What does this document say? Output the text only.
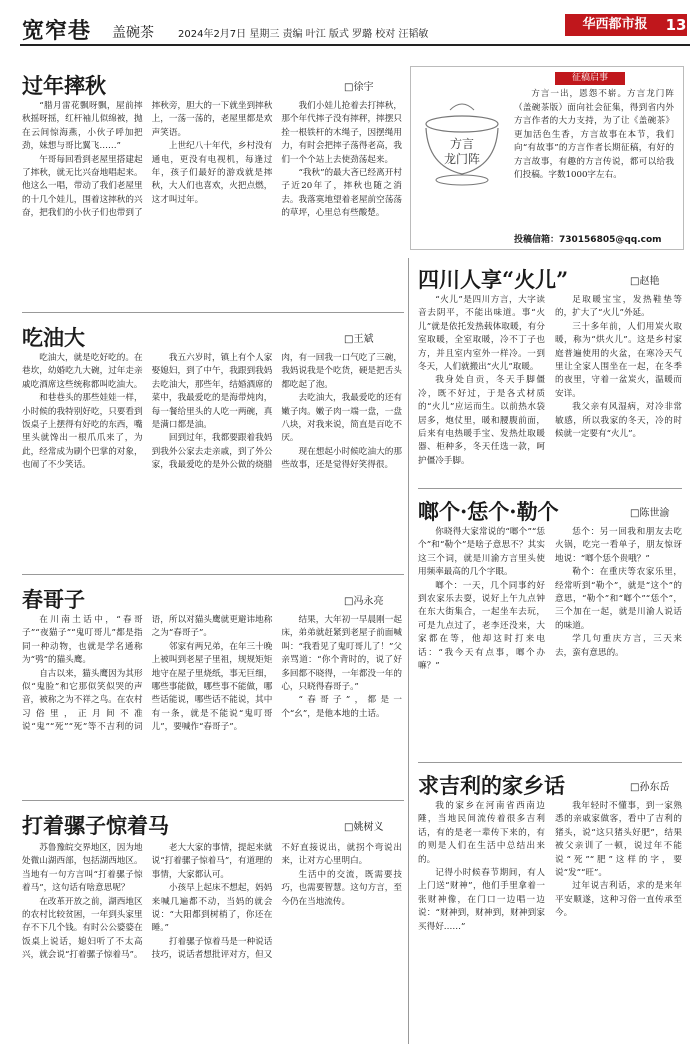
宽窄巷 盖碗茶 2024年2月7日 星期三 责编 叶江 版式 罗璐 校对 汪韬敏
华西都市报	13
征稿启事
方言
龙门阵

方言一出，恩怨不崭。方言龙门阵（盖碗茶版）面向社会征集，得到省内外方言作者的大力支持，为了让《盖碗茶》更加活色生香，方言故事在本节，我们向“有故事”的方言作者长期征稿，有好的方言故事，有趣的方言传说，都可以给我们投稿。字数1000字左右。

投稿信箱：730156805@qq.com
过年摔秋	□徐宇

“腊月雷花飘呀飘，屋前摔秋摇呀摇，红杆袖儿似绵被，抛在云间惊海燕，小伙子呼加把劲，妹想与哥比翼飞……”

午哥每回看到老屋里搭建起了摔秋，就无比兴奋地唱起来。他这么一唱，带动了我们老屋里的十几个娃儿，围着这摔秋的兴奋，把我们的小伙子们也带到了摔秋旁，胆大的一下就坐到摔秋上，一荡一荡的，老屋里都是欢声笑语。

上世纪八十年代，乡村没有通电，更没有电视机，每逢过年，孩子们最好的游戏就是摔秋，大人们也喜欢，火把点燃，这才叫过年。

我们小娃儿抢着去打摔秋，那个年代摔子没有摔秤，摔摆只拴一根铁杆的木绳子，因摆绳用力，有时会把摔子荡得老高，我们一个个站上去使劲荡起来。

“我秋”的最大吝已经离开村子近20年了，摔秋也随之消去。我落寞地望着老屋前空荡荡的草坪，心里总有些酸楚。

吃油大	□王斌

吃油大，就是吃好吃的。在巷坎，幼婚吃九大碗，过年走亲戚吃酒席这些统称都叫吃油大。

和巷巷头的那些娃娃一样，小时候的我特别好吃，只要看到饭桌子上摆得有好吃的东西，嘴里头就馋出一根爪爪来了，为此，经常成为刷个巴掌的对象，也闹了不少笑话。

我五六岁时，镇上有个人家娶媳妇，到了中午，我跟到我妈去吃油大，那些年，结婚酒席的菜中，我最爱吃的是海带炖肉，每一餐给里头的人吃一两碗，真是满口都是油。

回到过年，我都要跟着我妈到我外公家去走亲戚，到了外公家，我最爱吃的是外公做的烧腊肉，有一回我一口气吃了三碗，我妈说我是个吃货，硬是把舌头都吃起了泡。

去吃油大，我最爱吃的还有嫩子肉。嫩子肉一端一盘，一盘八块，对我来说，简直是百吃不厌。

现在想起小时候吃油大的那些故事，还是觉得好笑得很。

春哥子	□冯永亮

在川南土话中，“春哥子”“夜猫子”“鬼叮哥儿”都是指同一种动物，也就是学名通称为“鸮”的猫头鹰。

自古以来，猫头鹰因为其形似“鬼脸”和它那似笑似哭的声音，被称之为不祥之鸟。在农村习俗里，正月间不准说“鬼”“死”“死”等不吉利的词语，所以对猫头鹰就更避讳地称之为“春哥子”。

邻家有两兄弟，在年三十晚上被叫到老屋子里祖，规规矩矩地守在屋子里烧纸，事无巨细，哪些事能做，哪些事不能做，哪些话能说，哪些话不能说，其中有一条，就是不能说“鬼叮哥儿”，要喊作“春哥子”。

结果，大年初一早晨刚一起床，弟弟就赶紧到老屋子前面喊叫：“我看见了鬼叮哥儿了！”父亲骂道：“你个背时的，说了好多回都不晓得，一年都没一年的心，只晓得春哥子。”

“春哥子”，都是一个“幺”，是他本地的土话。

打着骡子惊着马	□姚树义

苏鲁豫皖交界地区，因为地处微山湖西部，包括湖西地区。当地有一句方言叫“打着骡子惊着马”，这句话有啥意思呢？

在改革开放之前，湖西地区的农村比较贫困，一年到头家里存不下几个钱。有时公公婆婆在饭桌上说话，媳妇听了不太高兴，就会说“打着骡子惊着马”。

老大大家的事情，提起来就说“打着骡子惊着马”，有道理的事情，大家都认可。

小孩早上起床不想起，妈妈来喊几遍都不动，当妈的就会说：“大阳都到树梢了，你还在睡。”

打着骡子惊着马是一种说话技巧，说话者想批评对方，但又不好直接说出，就拐个弯说出来，让对方心里明白。

生活中的交流，既需要技巧，也需要智慧。这句方言，至今仍在当地流传。

四川人享“火儿”	□赵艳

“火儿”是四川方言，大字读音去阴平，不能出味道。事“火儿”就是依托发热载体取暖，有分室取暖，全室取暖，冷不丁子也方，并且室内室外一样冷。一到冬天，人们就搬出“火儿”取暖。

我身处自贡，冬天手脚僵冷，既不好过，于是各式材质的“火儿”应运而生。以前热水袋居多，炮仗里，暖和腰腹前面，后来有电热暖手宝、发热灶取暖器、柜种多，冬天任选一款，呵护僵冷手脚。

足取暖宝宝，发热鞋垫等的，扩大了“火儿”外延。

三十多年前，人们用炭火取暖，称为“烘火儿”。这是乡村家庭普遍使用的火盆，在寒冷天气里让全家人围坐在一起，在冬季的夜里，守着一盆炭火，温暖而安详。

我父亲有风湿病，对冷非常敏感，所以我家的冬天，冷的时候就一定要有“火儿”。

啷个·恁个·勒个	□陈世渝

你晓得大家常说的“啷个”“恁个”和“勒个”是啥子意思不？其实这三个词，就是川渝方言里头使用频率最高的几个字眼。

啷个：一天，几个同事约好到农家乐去耍，说好上午九点钟在东大街集合，一起坐车去玩，可是九点过了，老李还没来，大家都在等，他却这时打来电话：“我今天有点事，啷个办嘛？”

恁个：另一回我和朋友去吃火锅，吃完一看单子，朋友惊讶地说：“啷个恁个贵哦？”

勒个：在重庆等农家乐里，经常听到“勒个”，就是“这个”的意思，“勒个”和“啷个”“恁个”，三个加在一起，就是川渝人说话的味道。

学几句重庆方言，三天来去，蛮有意思的。

求吉利的家乡话	□孙东岳

我的家乡在河南省西南边陲，当地民间流传着很多吉利话，有的是老一辈传下来的，有的则是人们在生活中总结出来的。

记得小时候春节期间，有人上门送“财神”，他们手里拿着一张财神像，在门口一边唱一边说：“财神到，财神到，财神到家买得好……”

我年轻时不懂事，到一家熟悉的亲戚家做客，看中了吉利的猪头，说“这只猪头好肥”，结果被父亲训了一顿，说过年不能说“死”“肥”这样的字，要说“发”“旺”。

过年说吉利话，求的是来年平安顺遂，这种习俗一直传承至今。
